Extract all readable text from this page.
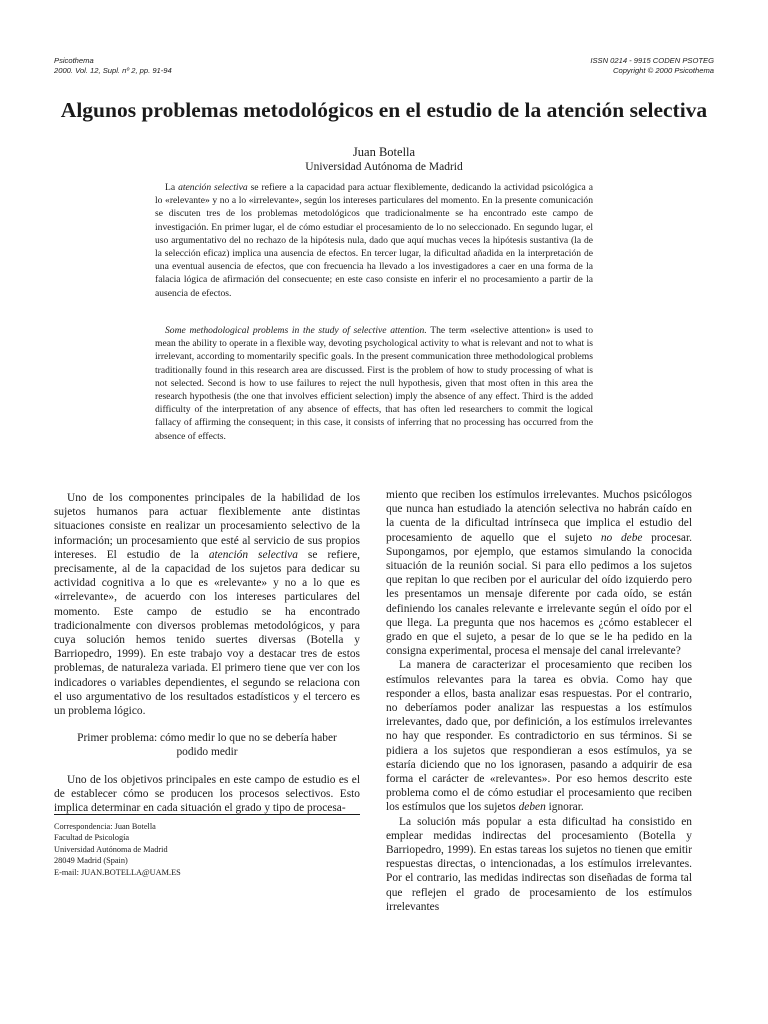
Psicothema
2000. Vol. 12, Supl. nº 2, pp. 91-94
ISSN 0214 - 9915 CODEN PSOTEG
Copyright © 2000 Psicothema
Algunos problemas metodológicos en el estudio de la atención selectiva
Juan Botella
Universidad Autónoma de Madrid

La atención selectiva se refiere a la capacidad para actuar flexiblemente, dedicando la actividad psicológica a lo «relevante» y no a lo «irrelevante», según los intereses particulares del momento. En la presente comunicación se discuten tres de los problemas metodológicos que tradicionalmente se ha encontrado este campo de investigación. En primer lugar, el de cómo estudiar el procesamiento de lo no seleccionado. En segundo lugar, el uso argumentativo del no rechazo de la hipótesis nula, dado que aquí muchas veces la hipótesis sustantiva (la de la selección eficaz) implica una ausencia de efectos. En tercer lugar, la dificultad añadida en la interpretación de una eventual ausencia de efectos, que con frecuencia ha llevado a los investigadores a caer en una forma de la falacia lógica de afirmación del consecuente; en este caso consiste en inferir el no procesamiento a partir de la ausencia de efectos.

Some methodological problems in the study of selective attention. The term «selective attention» is used to mean the ability to operate in a flexible way, devoting psychological activity to what is relevant and not to what is irrelevant, according to momentarily specific goals. In the present communication three methodological problems traditionally found in this research area are discussed. First is the problem of how to study processing of what is not selected. Second is how to use failures to reject the null hypothesis, given that most often in this area the research hypothesis (the one that involves efficient selection) imply the absence of any effect. Third is the added difficulty of the interpretation of any absence of effects, that has often led researchers to commit the logical fallacy of affirming the consequent; in this case, it consists of inferring that no processing has occurred from the absence of effects.

Uno de los componentes principales de la habilidad de los sujetos humanos para actuar flexiblemente ante distintas situaciones consiste en realizar un procesamiento selectivo de la información; un procesamiento que esté al servicio de sus propios intereses. El estudio de la atención selectiva se refiere, precisamente, al de la capacidad de los sujetos para dedicar su actividad cognitiva a lo que es «relevante» y no a lo que es «irrelevante», de acuerdo con los intereses particulares del momento. Este campo de estudio se ha encontrado tradicionalmente con diversos problemas metodológicos, y para cuya solución hemos tenido suertes diversas (Botella y Barriopedro, 1999). En este trabajo voy a destacar tres de estos problemas, de naturaleza variada. El primero tiene que ver con los indicadores o variables dependientes, el segundo se relaciona con el uso argumentativo de los resultados estadísticos y el tercero es un problema lógico.

Primer problema: cómo medir lo que no se debería haber podido medir

Uno de los objetivos principales en este campo de estudio es el de establecer cómo se producen los procesos selectivos. Esto implica determinar en cada situación el grado y tipo de procesa-

Correspondencia: Juan Botella
Facultad de Psicología
Universidad Autónoma de Madrid
28049 Madrid (Spain)
E-mail: JUAN.BOTELLA@UAM.ES

miento que reciben los estímulos irrelevantes. Muchos psicólogos que nunca han estudiado la atención selectiva no habrán caído en la cuenta de la dificultad intrínseca que implica el estudio del procesamiento de aquello que el sujeto no debe procesar. Supongamos, por ejemplo, que estamos simulando la conocida situación de la reunión social. Si para ello pedimos a los sujetos que repitan lo que reciben por el auricular del oído izquierdo pero les presentamos un mensaje diferente por cada oído, se están definiendo los canales relevante e irrelevante según el oído por el que llega. La pregunta que nos hacemos es ¿cómo establecer el grado en que el sujeto, a pesar de lo que se le ha pedido en la consigna experimental, procesa el mensaje del canal irrelevante?

La manera de caracterizar el procesamiento que reciben los estímulos relevantes para la tarea es obvia. Como hay que responder a ellos, basta analizar esas respuestas. Por el contrario, no deberíamos poder analizar las respuestas a los estímulos irrelevantes, dado que, por definición, a los estímulos irrelevantes no hay que responder. Es contradictorio en sus términos. Si se pidiera a los sujetos que respondieran a esos estímulos, ya se estaría diciendo que no los ignorasen, pasando a adquirir de esa forma el carácter de «relevantes». Por eso hemos descrito este problema como el de cómo estudiar el procesamiento que reciben los estímulos que los sujetos deben ignorar.

La solución más popular a esta dificultad ha consistido en emplear medidas indirectas del procesamiento (Botella y Barriopedro, 1999). En estas tareas los sujetos no tienen que emitir respuestas directas, o intencionadas, a los estímulos irrelevantes. Por el contrario, las medidas indirectas son diseñadas de forma tal que reflejen el grado de procesamiento de los estímulos irrelevantes
